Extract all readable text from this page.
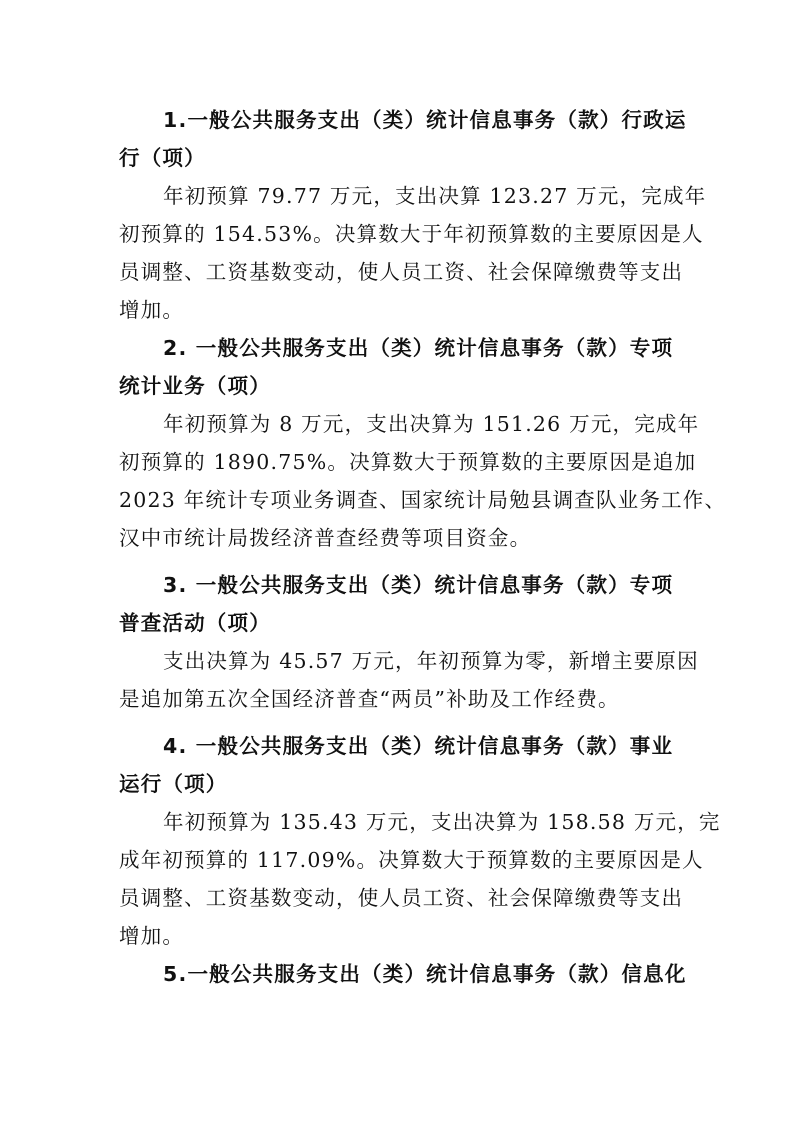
1.一般公共服务支出（类）统计信息事务（款）行政运
行（项）
年初预算 79.77 万元，支出决算 123.27 万元，完成年
初预算的 154.53%。决算数大于年初预算数的主要原因是人
员调整、工资基数变动，使人员工资、社会保障缴费等支出
增加。
2. 一般公共服务支出（类）统计信息事务（款）专项
统计业务（项）
年初预算为 8 万元，支出决算为 151.26 万元，完成年
初预算的 1890.75%。决算数大于预算数的主要原因是追加
2023 年统计专项业务调查、国家统计局勉县调查队业务工作、
汉中市统计局拨经济普查经费等项目资金。
3. 一般公共服务支出（类）统计信息事务（款）专项
普查活动（项）
支出决算为 45.57 万元，年初预算为零，新增主要原因
是追加第五次全国经济普查“两员”补助及工作经费。
4. 一般公共服务支出（类）统计信息事务（款）事业
运行（项）
年初预算为 135.43 万元，支出决算为 158.58 万元，完
成年初预算的 117.09%。决算数大于预算数的主要原因是人
员调整、工资基数变动，使人员工资、社会保障缴费等支出
增加。
5.一般公共服务支出（类）统计信息事务（款）信息化
